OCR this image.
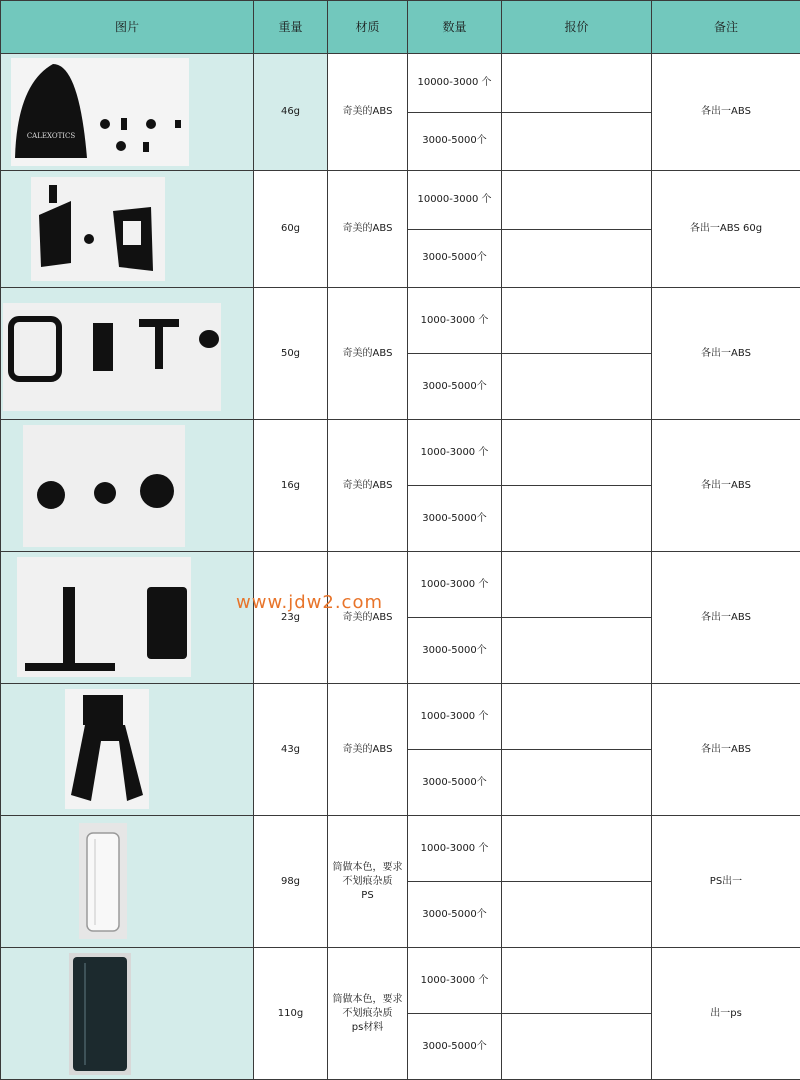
图片	重量	材质	数量	报价	备注

CALEXOTICS	46g	奇美的ABS	10000-3000 个		各出一ABS
			3000-5000个		

	60g	奇美的ABS	10000-3000 个		各出一ABS 60g
			3000-5000个		

	50g	奇美的ABS	1000-3000 个		各出一ABS
			3000-5000个		

	16g	奇美的ABS	1000-3000 个		各出一ABS
			3000-5000个		

	23g	奇美的ABS	1000-3000 个		各出一ABS
			3000-5000个		

	43g	奇美的ABS	1000-3000 个		各出一ABS
			3000-5000个		

	98g	筒做本色，要求不划痕杂质　　PS	1000-3000 个		PS出一
			3000-5000个		

	110g	筒做本色，要求不划痕杂质　　ps材料	1000-3000 个		出一ps
			3000-5000个		
www.jdw2.com
